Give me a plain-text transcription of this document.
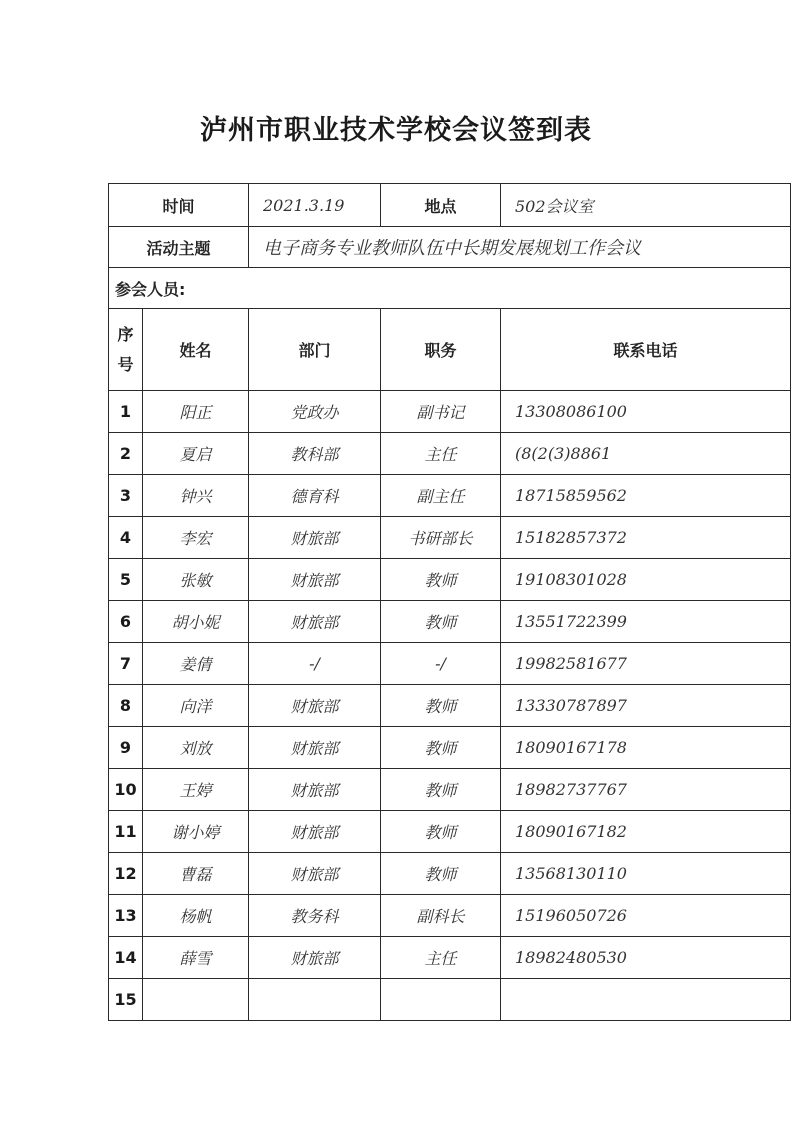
泸州市职业技术学校会议签到表
时间		2021.3.19	地点	502会议室
活动主题		电子商务专业教师队伍中长期发展规划工作会议		
参会人员:				
序
号	姓名	部门	职务	联系电话
1	阳正	党政办	副书记	13308086100
2	夏启	教科部	主任	(8(2(3)8861
3	钟兴	德育科	副主任	18715859562
4	李宏	财旅部	书研部长	15182857372
5	张敏	财旅部	教师	19108301028
6	胡小妮	财旅部	教师	13551722399
7	姜倩	-/	-/	19982581677
8	向洋	财旅部	教师	13330787897
9	刘放	财旅部	教师	18090167178
10	王婷	财旅部	教师	18982737767
11	谢小婷	财旅部	教师	18090167182
12	曹磊	财旅部	教师	13568130110
13	杨帆	教务科	副科长	15196050726
14	薛雪	财旅部	主任	18982480530
15				
